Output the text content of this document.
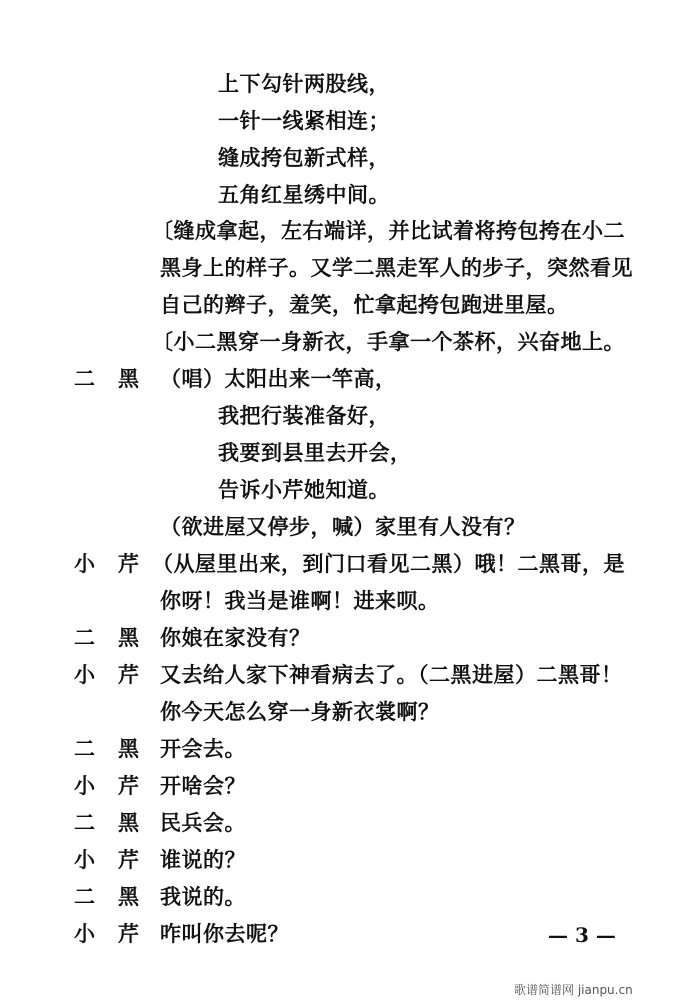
上下勾针两股线，
一针一线紧相连；
缝成挎包新式样，
五角红星绣中间。
〔缝成拿起，左右端详，并比试着将挎包挎在小二
黑身上的样子。又学二黑走军人的步子，突然看见
自己的辫子，羞笑，忙拿起挎包跑进里屋。
〔小二黑穿一身新衣，手拿一个茶杯，兴奋地上。
二 黑 （唱）太阳出来一竿高，
我把行装准备好，
我要到县里去开会，
告诉小芹她知道。
（欲进屋又停步，喊）家里有人没有？
小 芹 （从屋里出来，到门口看见二黑）哦！二黑哥，是
你呀！我当是谁啊！进来呗。
二 黑 你娘在家没有？
小 芹 又去给人家下神看病去了。（二黑进屋）二黑哥！
你今天怎么穿一身新衣裳啊？
二 黑 开会去。
小 芹 开啥会？
二 黑 民兵会。
小 芹 谁说的？
二 黑 我说的。
小 芹 咋叫你去呢？	— 3 —
歌谱简谱网 jianpu.cn
